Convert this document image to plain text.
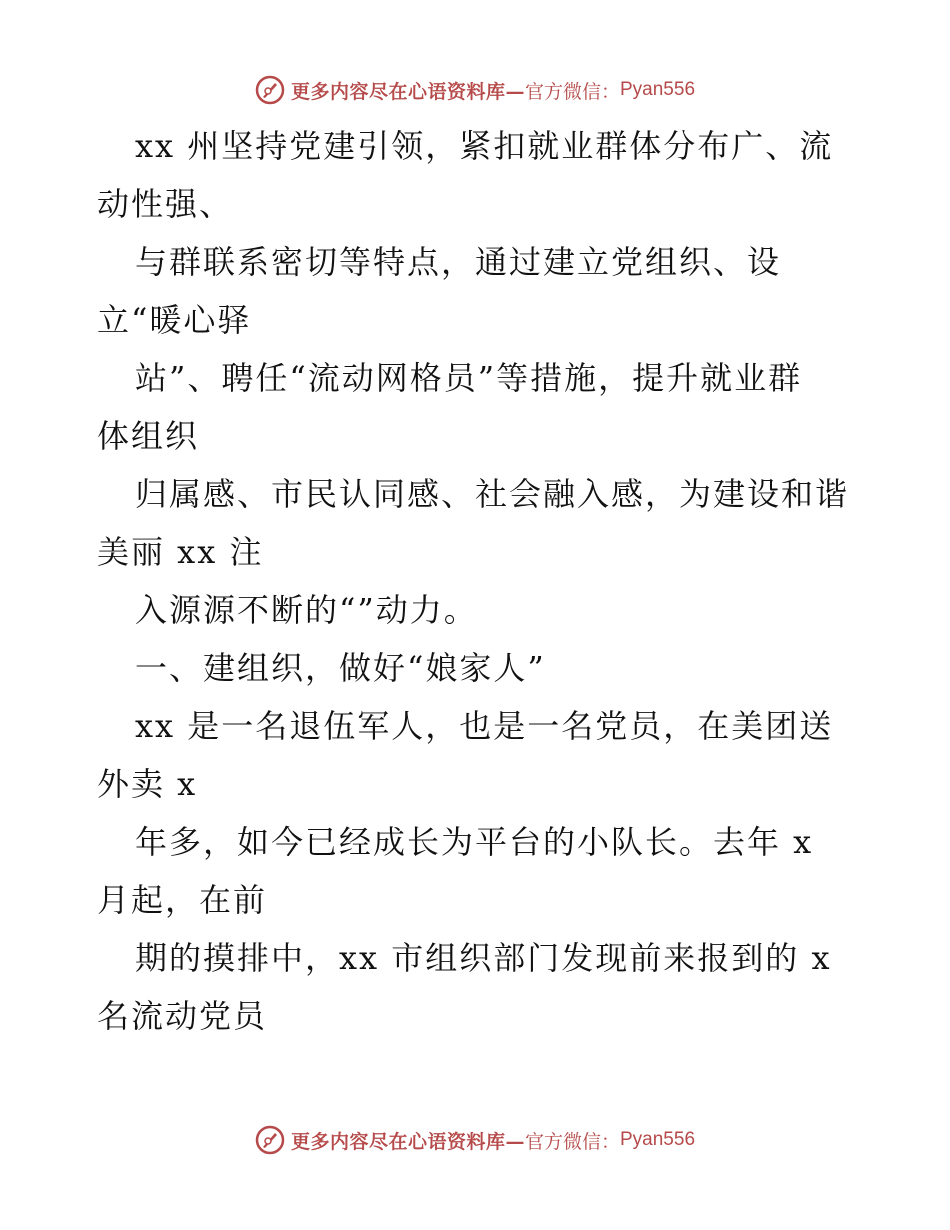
更多内容尽在心语资料库— 官方微信： Pyan556
xx 州坚持党建引领，紧扣就业群体分布广、流
动性强、
与群联系密切等特点，通过建立党组织、设
立“暖心驿
站”、聘任“流动网格员”等措施，提升就业群
体组织
归属感、市民认同感、社会融入感，为建设和谐
美丽 xx 注
入源源不断的“”动力。
一、建组织，做好“娘家人”
xx 是一名退伍军人，也是一名党员，在美团送
外卖 x
年多，如今已经成长为平台的小队长。去年 x
月起，在前
期的摸排中，xx 市组织部门发现前来报到的 x
名流动党员
更多内容尽在心语资料库— 官方微信： Pyan556
